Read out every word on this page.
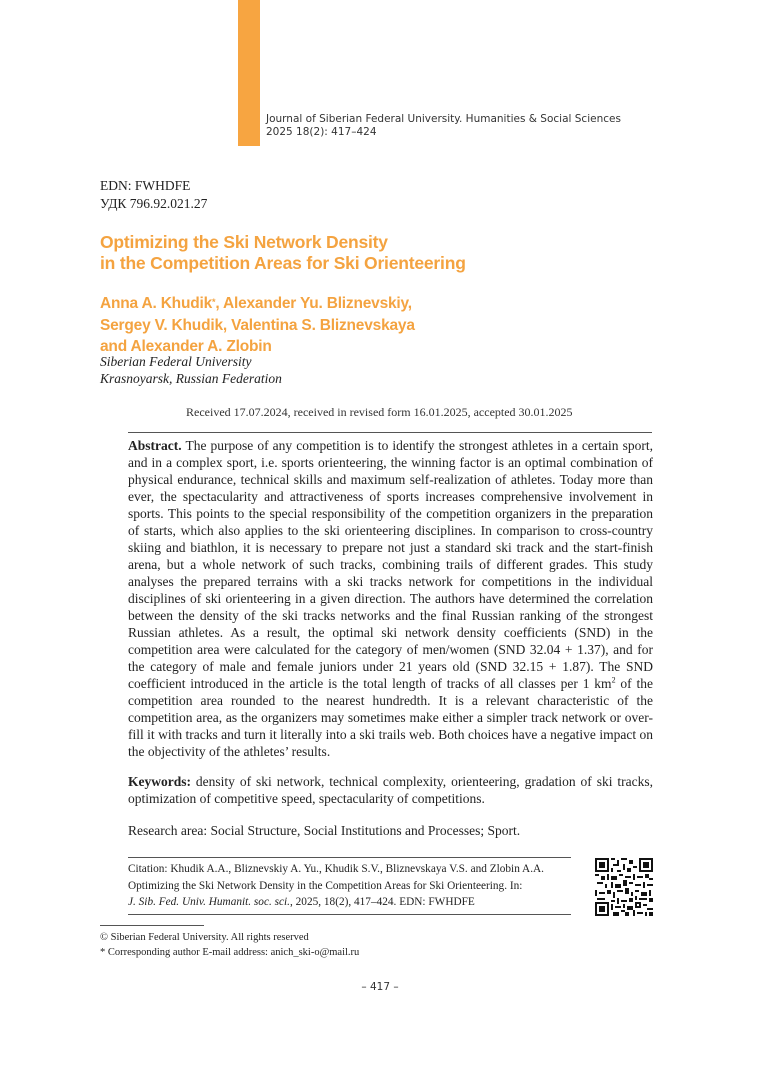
Journal of Siberian Federal University. Humanities & Social Sciences
2025 18(2): 417–424
EDN: FWHDFE
УДК 796.92.021.27
Optimizing the Ski Network Density
in the Competition Areas for Ski Orienteering
Anna A. Khudik*, Alexander Yu. Bliznevskiy,
Sergey V. Khudik, Valentina S. Bliznevskaya
and Alexander A. Zlobin
Siberian Federal University
Krasnoyarsk, Russian Federation
Received 17.07.2024, received in revised form 16.01.2025, accepted 30.01.2025
Abstract. The purpose of any competition is to identify the strongest athletes in a certain sport, and in a complex sport, i.e. sports orienteering, the winning factor is an optimal combination of physical endurance, technical skills and maximum self-realization of athletes. Today more than ever, the spectacularity and attractiveness of sports increases comprehensive involvement in sports. This points to the special responsibility of the competition organizers in the preparation of starts, which also applies to the ski orienteering disciplines. In comparison to cross-country skiing and biathlon, it is necessary to prepare not just a standard ski track and the start-finish arena, but a whole network of such tracks, combining trails of different grades. This study analyses the prepared terrains with a ski tracks network for competitions in the individual disciplines of ski orienteering in a given direction. The authors have determined the correlation between the density of the ski tracks networks and the final Russian ranking of the strongest Russian athletes. As a result, the optimal ski network density coefficients (SND) in the competition area were calculated for the category of men/women (SND 32.04 + 1.37), and for the category of male and female juniors under 21 years old (SND 32.15 + 1.87). The SND coefficient introduced in the article is the total length of tracks of all classes per 1 $km^2$ of the competition area rounded to the nearest hundredth. It is a relevant characteristic of the competition area, as the organizers may sometimes make either a simpler track network or over-fill it with tracks and turn it literally into a ski trails web. Both choices have a negative impact on the objectivity of the athletes’ results.
Keywords: density of ski network, technical complexity, orienteering, gradation of ski tracks, optimization of competitive speed, spectacularity of competitions.
Research area: Social Structure, Social Institutions and Processes; Sport.
Citation: Khudik A.A., Bliznevskiy A. Yu., Khudik S.V., Bliznevskaya V.S. and Zlobin A.A.
Optimizing the Ski Network Density in the Competition Areas for Ski Orienteering. In:
J. Sib. Fed. Univ. Humanit. soc. sci., 2025, 18(2), 417–424. EDN: FWHDFE
© Siberian Federal University. All rights reserved
* Corresponding author E-mail address: anich_ski-o@mail.ru
– 417 –
